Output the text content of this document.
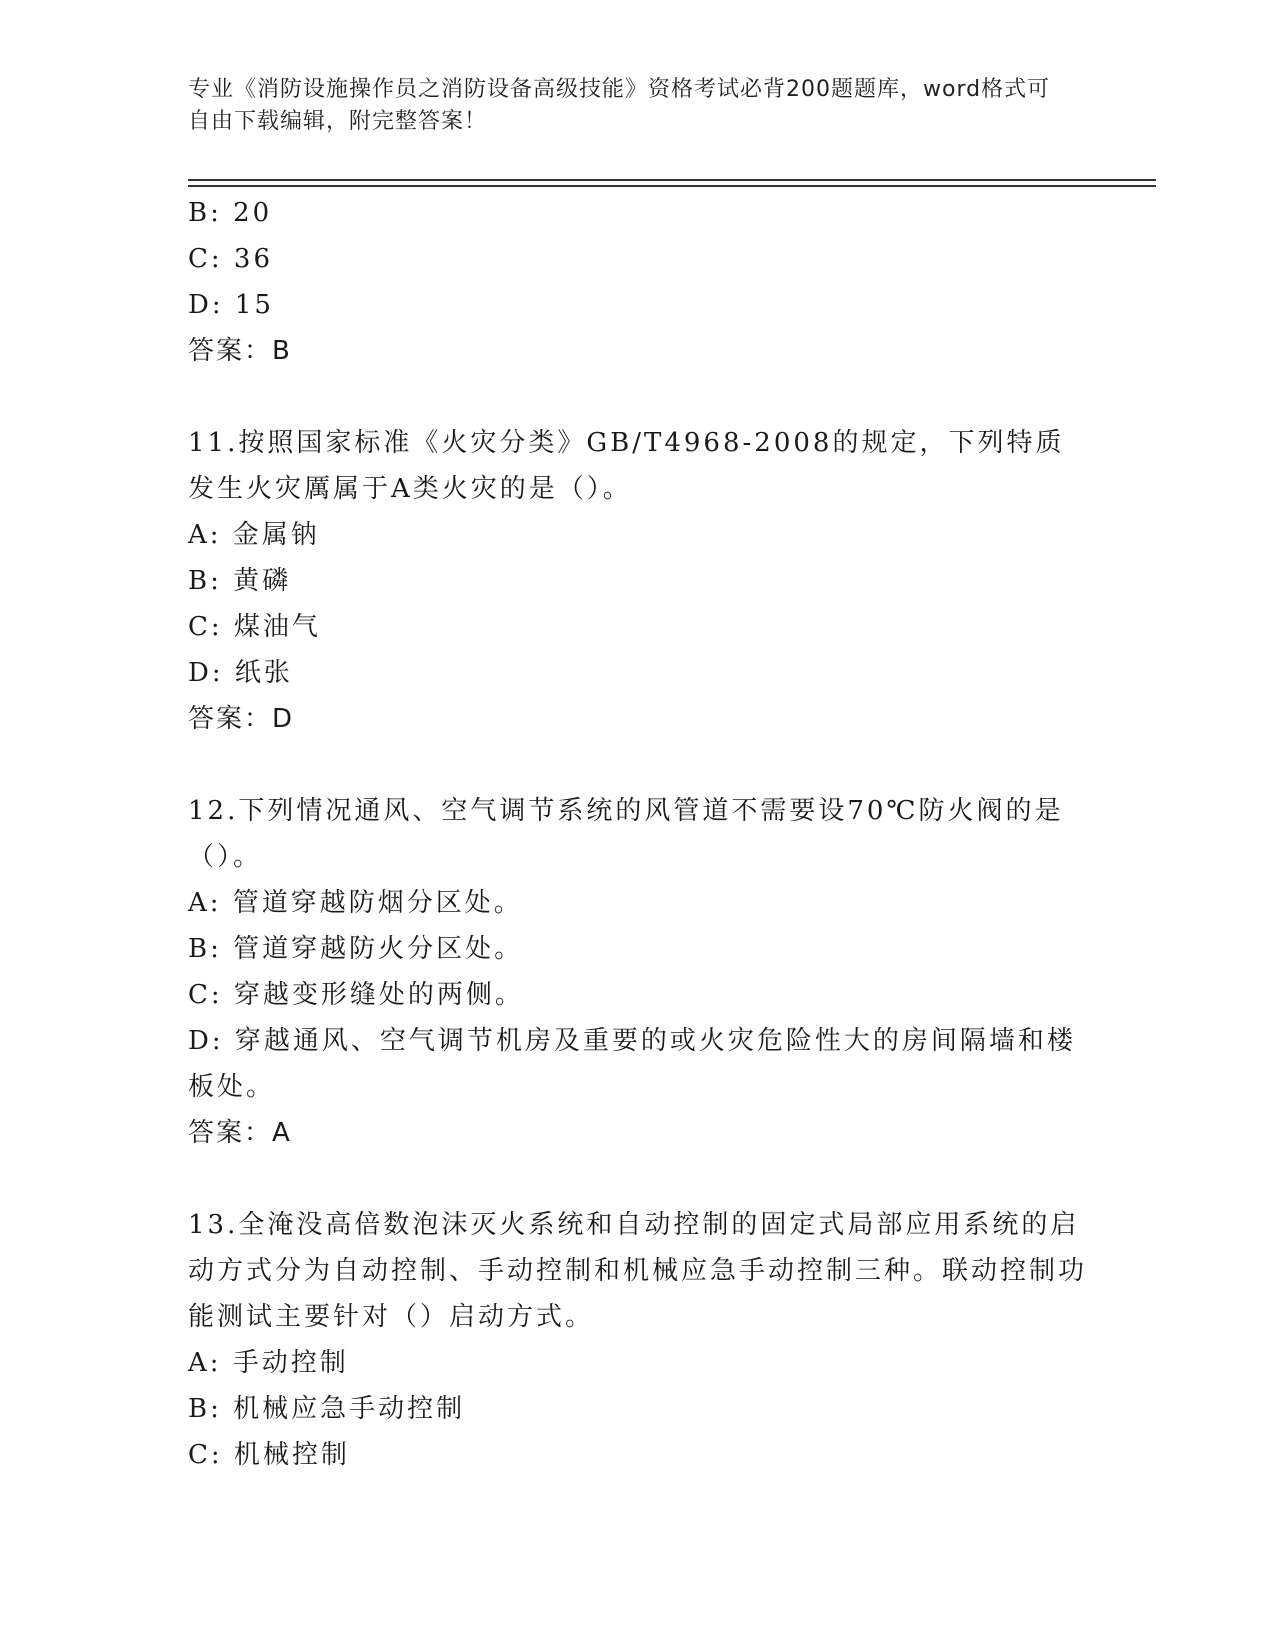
专业《消防设施操作员之消防设备高级技能》资格考试必背200题题库，word格式可自由下载编辑，附完整答案！
B: 20
C: 36
D: 15
答案：B
11.按照国家标准《火灾分类》GB/T4968-2008的规定，下列特质发生火灾厲属于A类火灾的是（）。
A: 金属钠
B: 黄磷
C: 煤油气
D: 纸张
答案：D
12.下列情况通风、空气调节系统的风管道不需要设70℃防火阀的是（）。
A: 管道穿越防烟分区处。
B: 管道穿越防火分区处。
C: 穿越变形缝处的两侧。
D: 穿越通风、空气调节机房及重要的或火灾危险性大的房间隔墙和楼板处。
答案：A
13.全淹没高倍数泡沫灭火系统和自动控制的固定式局部应用系统的启动方式分为自动控制、手动控制和机械应急手动控制三种。联动控制功能测试主要针对（）启动方式。
A: 手动控制
B: 机械应急手动控制
C: 机械控制
